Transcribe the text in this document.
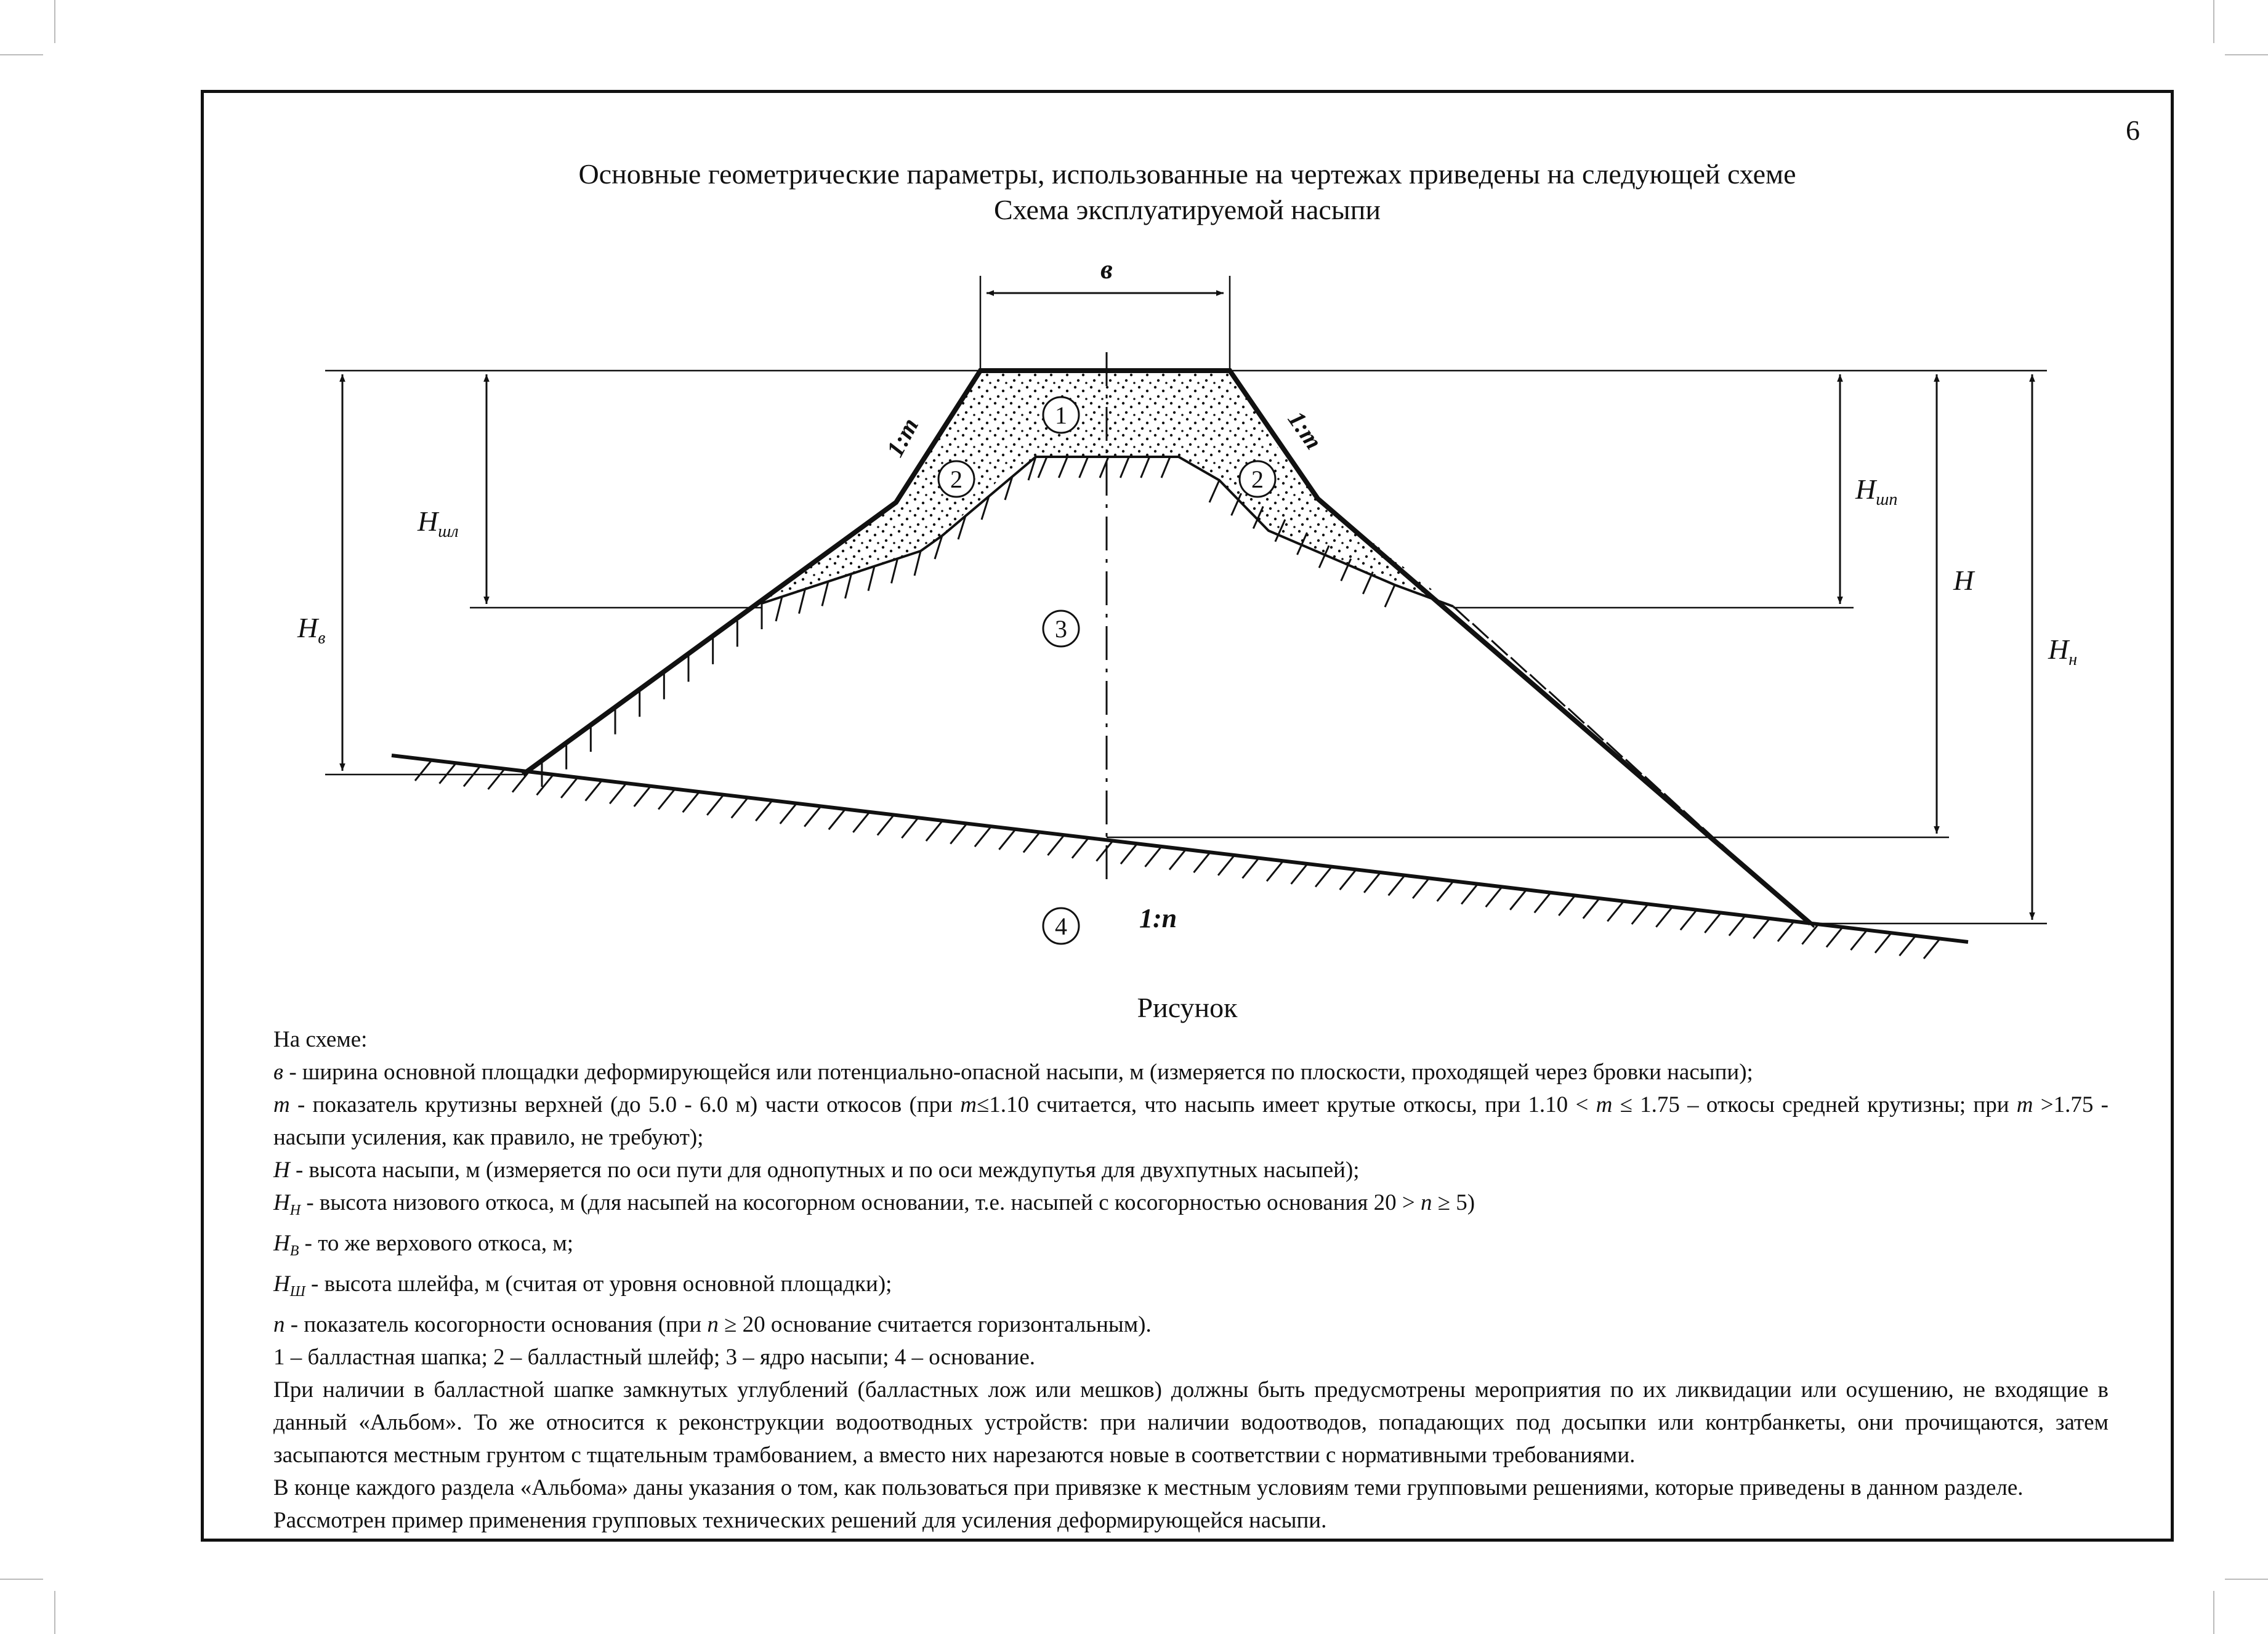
6
Основные геометрические параметры, использованные на чертежах приведены на следующей схеме
Схема эксплуатируемой насыпи
1
2	2
3
4
в
1:m	1:m
$H_шл$
$H_{шп}$
$H_в$
H
$H_н$
1:n
Рисунок

На схеме:

в - ширина основной площадки деформирующейся или потенциально-опасной насыпи, м (измеряется по плоскости, проходящей через бровки насыпи);

m - показатель крутизны верхней (до 5.0 - 6.0 м) части откосов (при m≤1.10 считается, что насыпь имеет крутые откосы, при 1.10 < m ≤ 1.75 – откосы средней крутизны; при m >1.75 - насыпи усиления, как правило, не требуют);

H - высота насыпи, м (измеряется по оси пути для однопутных и по оси междупутья для двухпутных насыпей);

$H_Н$ - высота низового откоса, м (для насыпей на косогорном основании, т.е. насыпей с косогорностью основания 20 > n ≥ 5)

$H_В$ - то же верхового откоса, м;

$H_Ш$ - высота шлейфа, м (считая от уровня основной площадки);

n - показатель косогорности основания (при n ≥ 20 основание считается горизонтальным).

1 – балластная шапка; 2 – балластный шлейф; 3 – ядро насыпи; 4 – основание.

При наличии в балластной шапке замкнутых углублений (балластных лож или мешков) должны быть предусмотрены мероприятия по их ликвидации или осушению, не входящие в данный «Альбом». То же относится к реконструкции водоотводных устройств: при наличии водоотводов, попадающих под досыпки или контрбанкеты, они прочищаются, затем засыпаются местным грунтом с тщательным трамбованием, а вместо них нарезаются новые в соответствии с нормативными требованиями.

В конце каждого раздела «Альбома» даны указания о том, как пользоваться при привязке к местным условиям теми групповыми решениями, которые приведены в данном разделе.

Рассмотрен пример применения групповых технических решений для усиления деформирующейся насыпи.
